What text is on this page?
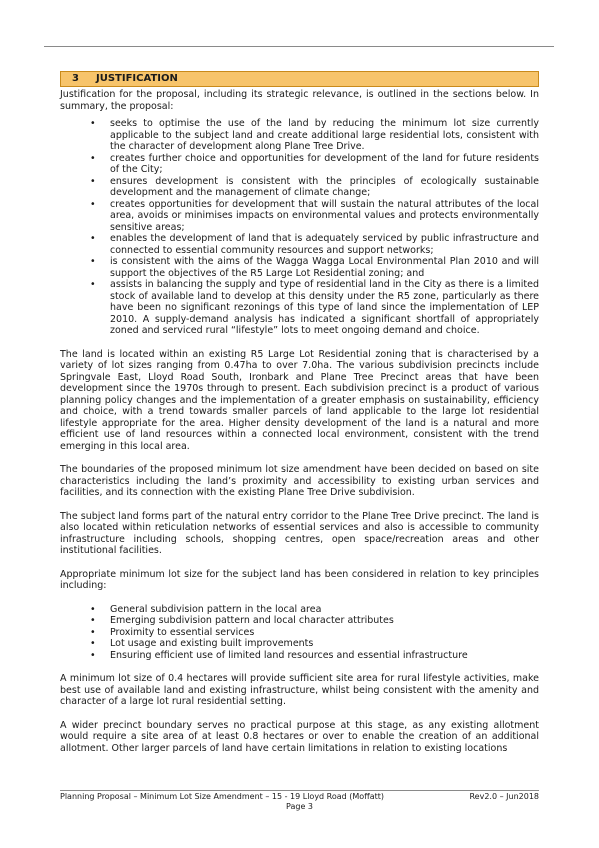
3	JUSTIFICATION

Justification for the proposal, including its strategic relevance, is outlined in the sections below. In summary, the proposal:

• seeks to optimise the use of the land by reducing the minimum lot size currently applicable to the subject land and create additional large residential lots, consistent with the character of development along Plane Tree Drive.
• creates further choice and opportunities for development of the land for future residents of the City;
• ensures development is consistent with the principles of ecologically sustainable development and the management of climate change;
• creates opportunities for development that will sustain the natural attributes of the local area, avoids or minimises impacts on environmental values and protects environmentally sensitive areas;
• enables the development of land that is adequately serviced by public infrastructure and connected to essential community resources and support networks;
• is consistent with the aims of the Wagga Wagga Local Environmental Plan 2010 and will support the objectives of the R5 Large Lot Residential zoning; and
• assists in balancing the supply and type of residential land in the City as there is a limited stock of available land to develop at this density under the R5 zone, particularly as there have been no significant rezonings of this type of land since the implementation of LEP 2010. A supply-demand analysis has indicated a significant shortfall of appropriately zoned and serviced rural “lifestyle” lots to meet ongoing demand and choice.

The land is located within an existing R5 Large Lot Residential zoning that is characterised by a variety of lot sizes ranging from 0.47ha to over 7.0ha. The various subdivision precincts include Springvale East, Lloyd Road South, Ironbark and Plane Tree Precinct areas that have been development since the 1970s through to present. Each subdivision precinct is a product of various planning policy changes and the implementation of a greater emphasis on sustainability, efficiency and choice, with a trend towards smaller parcels of land applicable to the large lot residential lifestyle appropriate for the area. Higher density development of the land is a natural and more efficient use of land resources within a connected local environment, consistent with the trend emerging in this local area.

The boundaries of the proposed minimum lot size amendment have been decided on based on site characteristics including the land’s proximity and accessibility to existing urban services and facilities, and its connection with the existing Plane Tree Drive subdivision.

The subject land forms part of the natural entry corridor to the Plane Tree Drive precinct. The land is also located within reticulation networks of essential services and also is accessible to community infrastructure including schools, shopping centres, open space/recreation areas and other institutional facilities.

Appropriate minimum lot size for the subject land has been considered in relation to key principles including:

• General subdivision pattern in the local area
• Emerging subdivision pattern and local character attributes
• Proximity to essential services
• Lot usage and existing built improvements
• Ensuring efficient use of limited land resources and essential infrastructure

A minimum lot size of 0.4 hectares will provide sufficient site area for rural lifestyle activities, make best use of available land and existing infrastructure, whilst being consistent with the amenity and character of a large lot rural residential setting.

A wider precinct boundary serves no practical purpose at this stage, as any existing allotment would require a site area of at least 0.8 hectares or over to enable the creation of an additional allotment. Other larger parcels of land have certain limitations in relation to existing locations

Planning Proposal – Minimum Lot Size Amendment – 15 - 19 Lloyd Road (Moffatt)	Rev2.0 – Jun2018
Page 3
